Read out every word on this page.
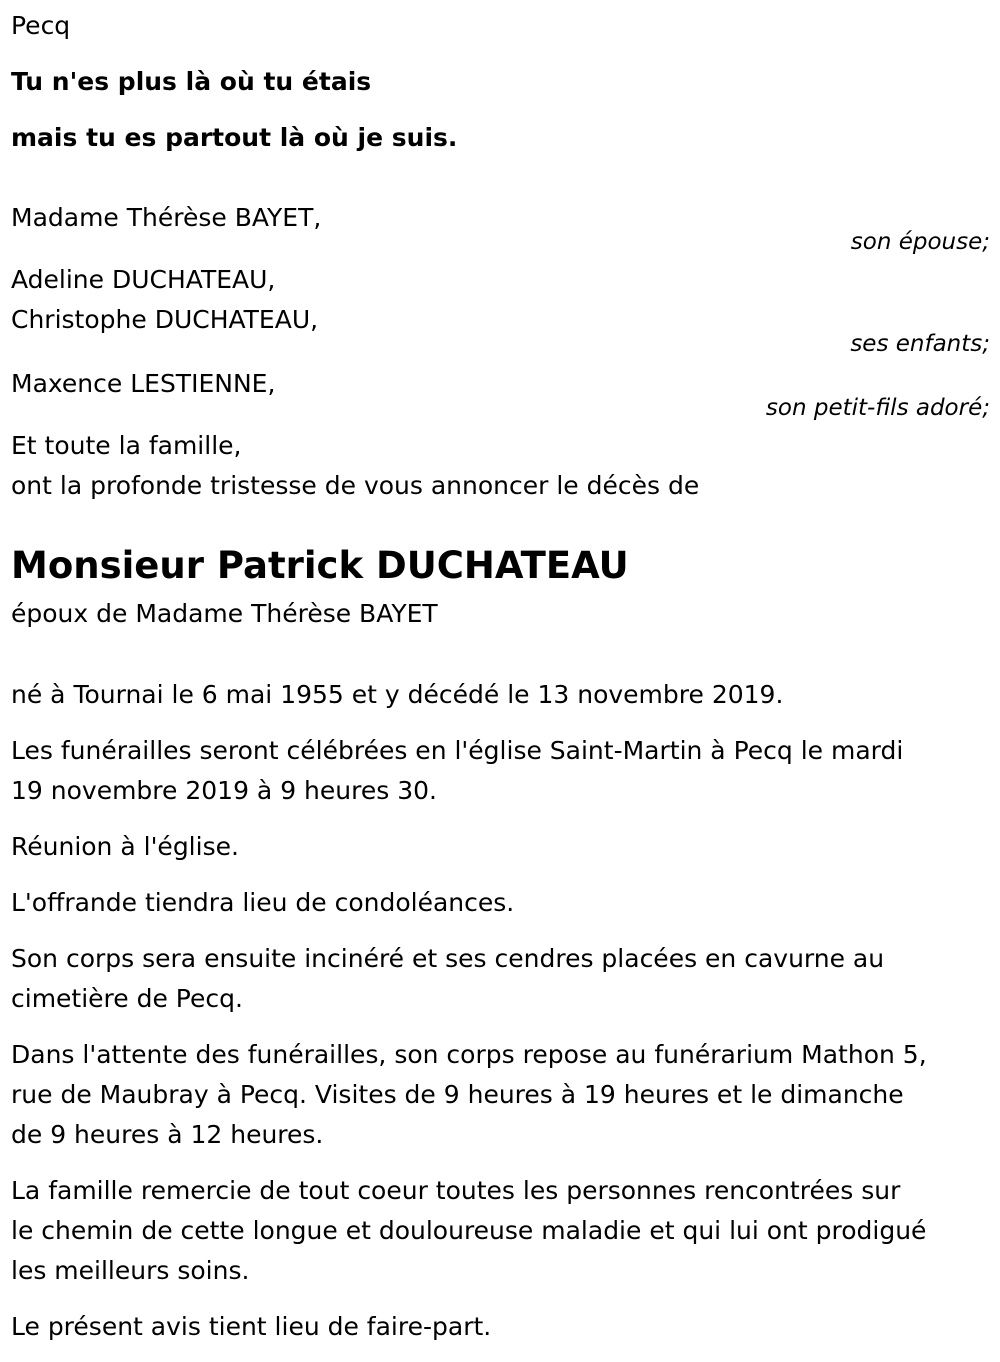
Pecq
Tu n'es plus là où tu étais
mais tu es partout là où je suis.
Madame Thérèse BAYET,
son épouse;
Adeline DUCHATEAU,
Christophe DUCHATEAU,
ses enfants;
Maxence LESTIENNE,
son petit-fils adoré;
Et toute la famille,
ont la profonde tristesse de vous annoncer le décès de
Monsieur Patrick DUCHATEAU
époux de Madame Thérèse BAYET
né à Tournai le 6 mai 1955 et y décédé le 13 novembre 2019.
Les funérailles seront célébrées en l'église Saint-Martin à Pecq le mardi
19 novembre 2019 à 9 heures 30.
Réunion à l'église.
L'offrande tiendra lieu de condoléances.
Son corps sera ensuite incinéré et ses cendres placées en cavurne au
cimetière de Pecq.
Dans l'attente des funérailles, son corps repose au funérarium Mathon 5,
rue de Maubray à Pecq. Visites de 9 heures à 19 heures et le dimanche
de 9 heures à 12 heures.
La famille remercie de tout coeur toutes les personnes rencontrées sur
le chemin de cette longue et douloureuse maladie et qui lui ont prodigué
les meilleurs soins.
Le présent avis tient lieu de faire-part.
